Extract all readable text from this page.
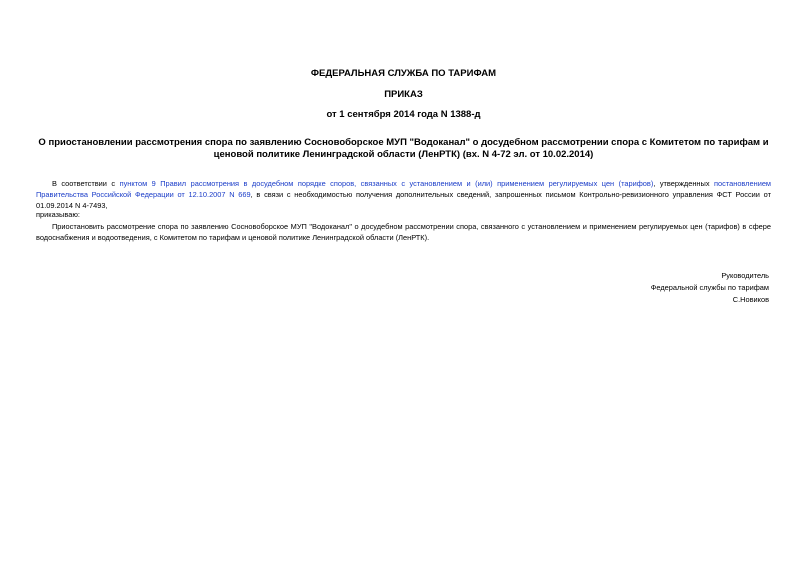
ФЕДЕРАЛЬНАЯ СЛУЖБА ПО ТАРИФАМ
ПРИКАЗ
от 1 сентября 2014 года N 1388-д
О приостановлении рассмотрения спора по заявлению Сосновоборское МУП "Водоканал" о досудебном рассмотрении спора с Комитетом по тарифам и ценовой политике Ленинградской области (ЛенРТК) (вх. N 4-72 эл. от 10.02.2014)
В соответствии с пунктом 9 Правил рассмотрения в досудебном порядке споров, связанных с установлением и (или) применением регулируемых цен (тарифов), утвержденных постановлением Правительства Российской Федерации от 12.10.2007 N 669, в связи с необходимостью получения дополнительных сведений, запрошенных письмом Контрольно-ревизионного управления ФСТ России от 01.09.2014 N 4-7493,
приказываю:
Приостановить рассмотрение спора по заявлению Сосновоборское МУП "Водоканал" о досудебном рассмотрении спора, связанного с установлением и применением регулируемых цен (тарифов) в сфере водоснабжения и водоотведения, с Комитетом по тарифам и ценовой политике Ленинградской области (ЛенРТК).
Руководитель
Федеральной службы по тарифам
С.Новиков
